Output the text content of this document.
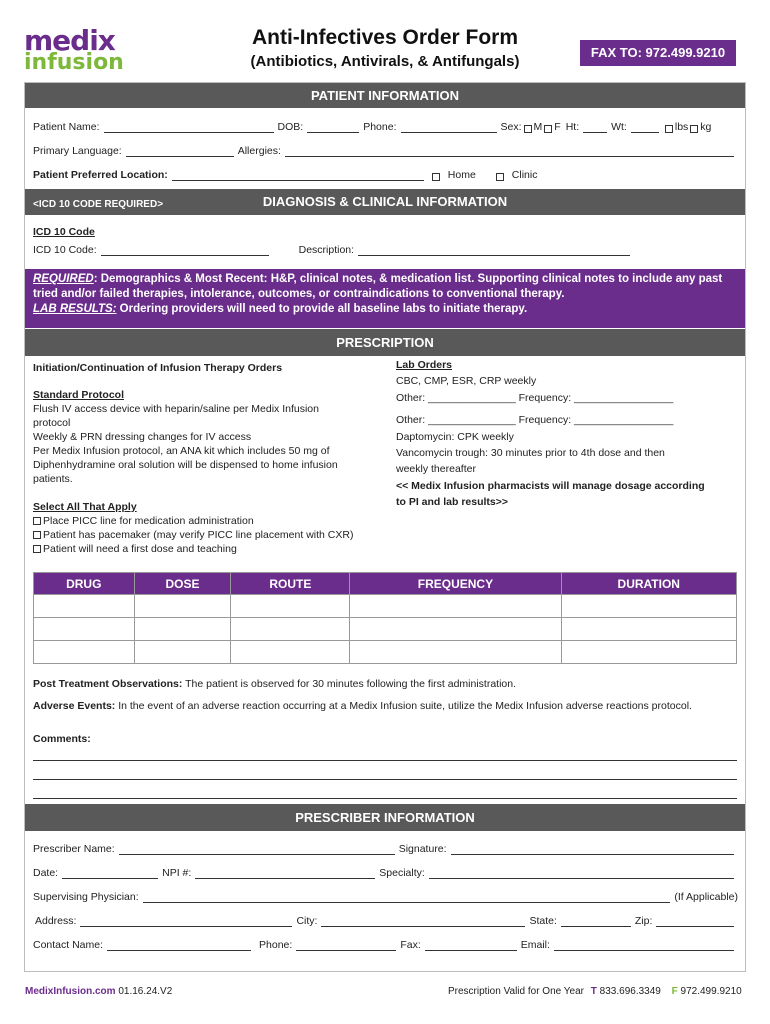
medix
infusion
Anti-Infectives Order Form
(Antibiotics, Antivirals, & Antifungals)
FAX TO: 972.499.9210
PATIENT INFORMATION
Patient Name:	DOB:	Phone:	Sex: M F Ht:	Wt:	lbs kg
Primary Language:	Allergies:
Patient Preferred Location:	Home	Clinic
<ICD 10 CODE REQUIRED>	DIAGNOSIS & CLINICAL INFORMATION
ICD 10 Code
ICD 10 Code:	Description:
REQUIRED: Demographics & Most Recent: H&P, clinical notes, & medication list. Supporting clinical notes to include any past tried and/or failed therapies, intolerance, outcomes, or contraindications to conventional therapy.
LAB RESULTS: Ordering providers will need to provide all baseline labs to initiate therapy.
PRESCRIPTION
Initiation/Continuation of Infusion Therapy Orders
Standard Protocol
Flush IV access device with heparin/saline per Medix Infusion
protocol
Weekly & PRN dressing changes for IV access
Per Medix Infusion protocol, an ANA kit which includes 50 mg of
Diphenhydramine oral solution will be dispensed to home infusion
patients.
Select All That Apply
Place PICC line for medication administration
Patient has pacemaker (may verify PICC line placement with CXR)
Patient will need a first dose and teaching
Lab Orders
CBC, CMP, ESR, CRP weekly
Other: _______________ Frequency: _________________
Other: _______________ Frequency: _________________
Daptomycin: CPK weekly
Vancomycin trough: 30 minutes prior to 4th dose and then
weekly thereafter
<< Medix Infusion pharmacists will manage dosage according
to PI and lab results>>
DRUG	DOSE	ROUTE	FREQUENCY	DURATION

Post Treatment Observations: The patient is observed for 30 minutes following the first administration.
Adverse Events: In the event of an adverse reaction occurring at a Medix Infusion suite, utilize the Medix Infusion adverse reactions protocol.
Comments:
PRESCRIBER INFORMATION
Prescriber Name:	Signature:
Date:	NPI #:	Specialty:
Supervising Physician:	(If Applicable)
Address:	City:	State:	Zip:
Contact Name:	Phone:	Fax:	Email:
MedixInfusion.com 01.16.24.V2	Prescription Valid for One Year T 833.696.3349 F 972.499.9210
